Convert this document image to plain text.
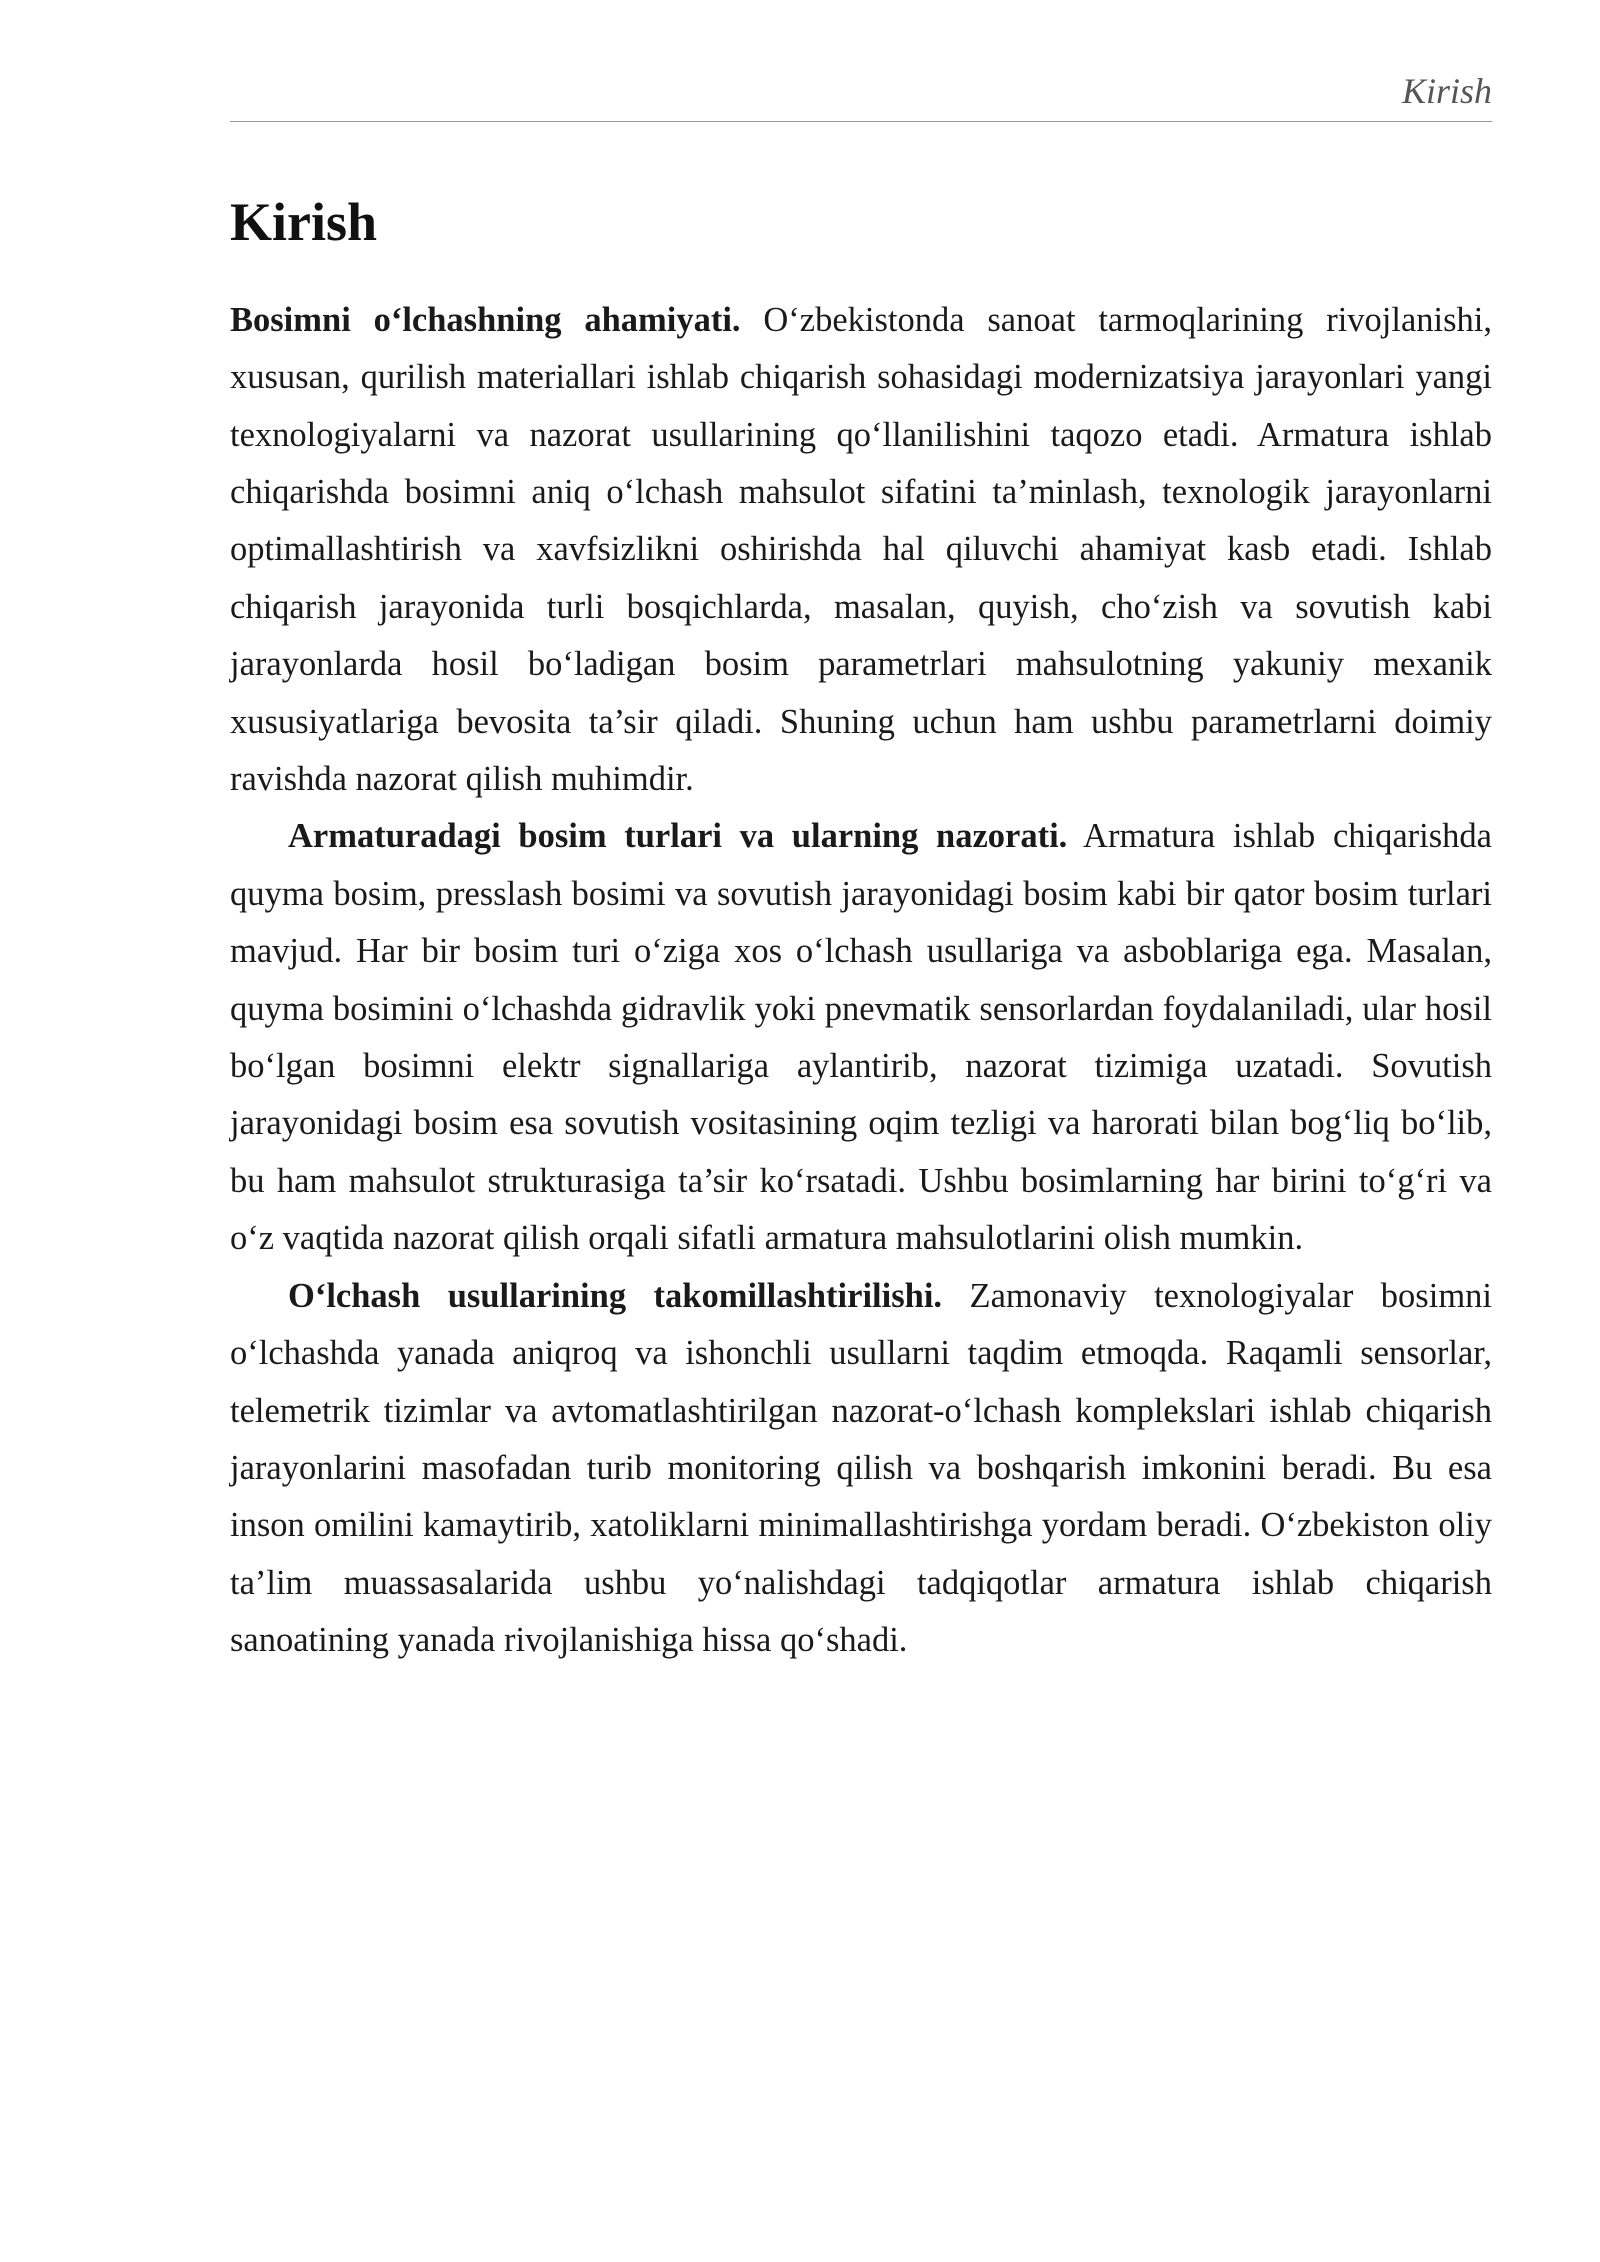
Kirish
Kirish

Bosimni o‘lchashning ahamiyati. O‘zbekistonda sanoat tarmoqlarining rivojlanishi, xususan, qurilish materiallari ishlab chiqarish sohasidagi modernizatsiya jarayonlari yangi texnologiyalarni va nazorat usullarining qo‘llanilishini taqozo etadi. Armatura ishlab chiqarishda bosimni aniq o‘lchash mahsulot sifatini ta’minlash, texnologik jarayonlarni optimallashtirish va xavfsizlikni oshirishda hal qiluvchi ahamiyat kasb etadi. Ishlab chiqarish jarayonida turli bosqichlarda, masalan, quyish, cho‘zish va sovutish kabi jarayonlarda hosil bo‘ladigan bosim parametrlari mahsulotning yakuniy mexanik xususiyatlariga bevosita ta’sir qiladi. Shuning uchun ham ushbu parametrlarni doimiy ravishda nazorat qilish muhimdir.

Armaturadagi bosim turlari va ularning nazorati. Armatura ishlab chiqarishda quyma bosim, presslash bosimi va sovutish jarayonidagi bosim kabi bir qator bosim turlari mavjud. Har bir bosim turi o‘ziga xos o‘lchash usullariga va asboblariga ega. Masalan, quyma bosimini o‘lchashda gidravlik yoki pnevmatik sensorlardan foydalaniladi, ular hosil bo‘lgan bosimni elektr signallariga aylantirib, nazorat tizimiga uzatadi. Sovutish jarayonidagi bosim esa sovutish vositasining oqim tezligi va harorati bilan bog‘liq bo‘lib, bu ham mahsulot strukturasiga ta’sir ko‘rsatadi. Ushbu bosimlarning har birini to‘g‘ri va o‘z vaqtida nazorat qilish orqali sifatli armatura mahsulotlarini olish mumkin.

O‘lchash usullarining takomillashtirilishi. Zamonaviy texnologiyalar bosimni o‘lchashda yanada aniqroq va ishonchli usullarni taqdim etmoqda. Raqamli sensorlar, telemetrik tizimlar va avtomatlashtirilgan nazorat-o‘lchash komplekslari ishlab chiqarish jarayonlarini masofadan turib monitoring qilish va boshqarish imkonini beradi. Bu esa inson omilini kamaytirib, xatoliklarni minimallashtirishga yordam beradi. O‘zbekiston oliy ta’lim muassasalarida ushbu yo‘nalishdagi tadqiqotlar armatura ishlab chiqarish sanoatining yanada rivojlanishiga hissa qo‘shadi.
